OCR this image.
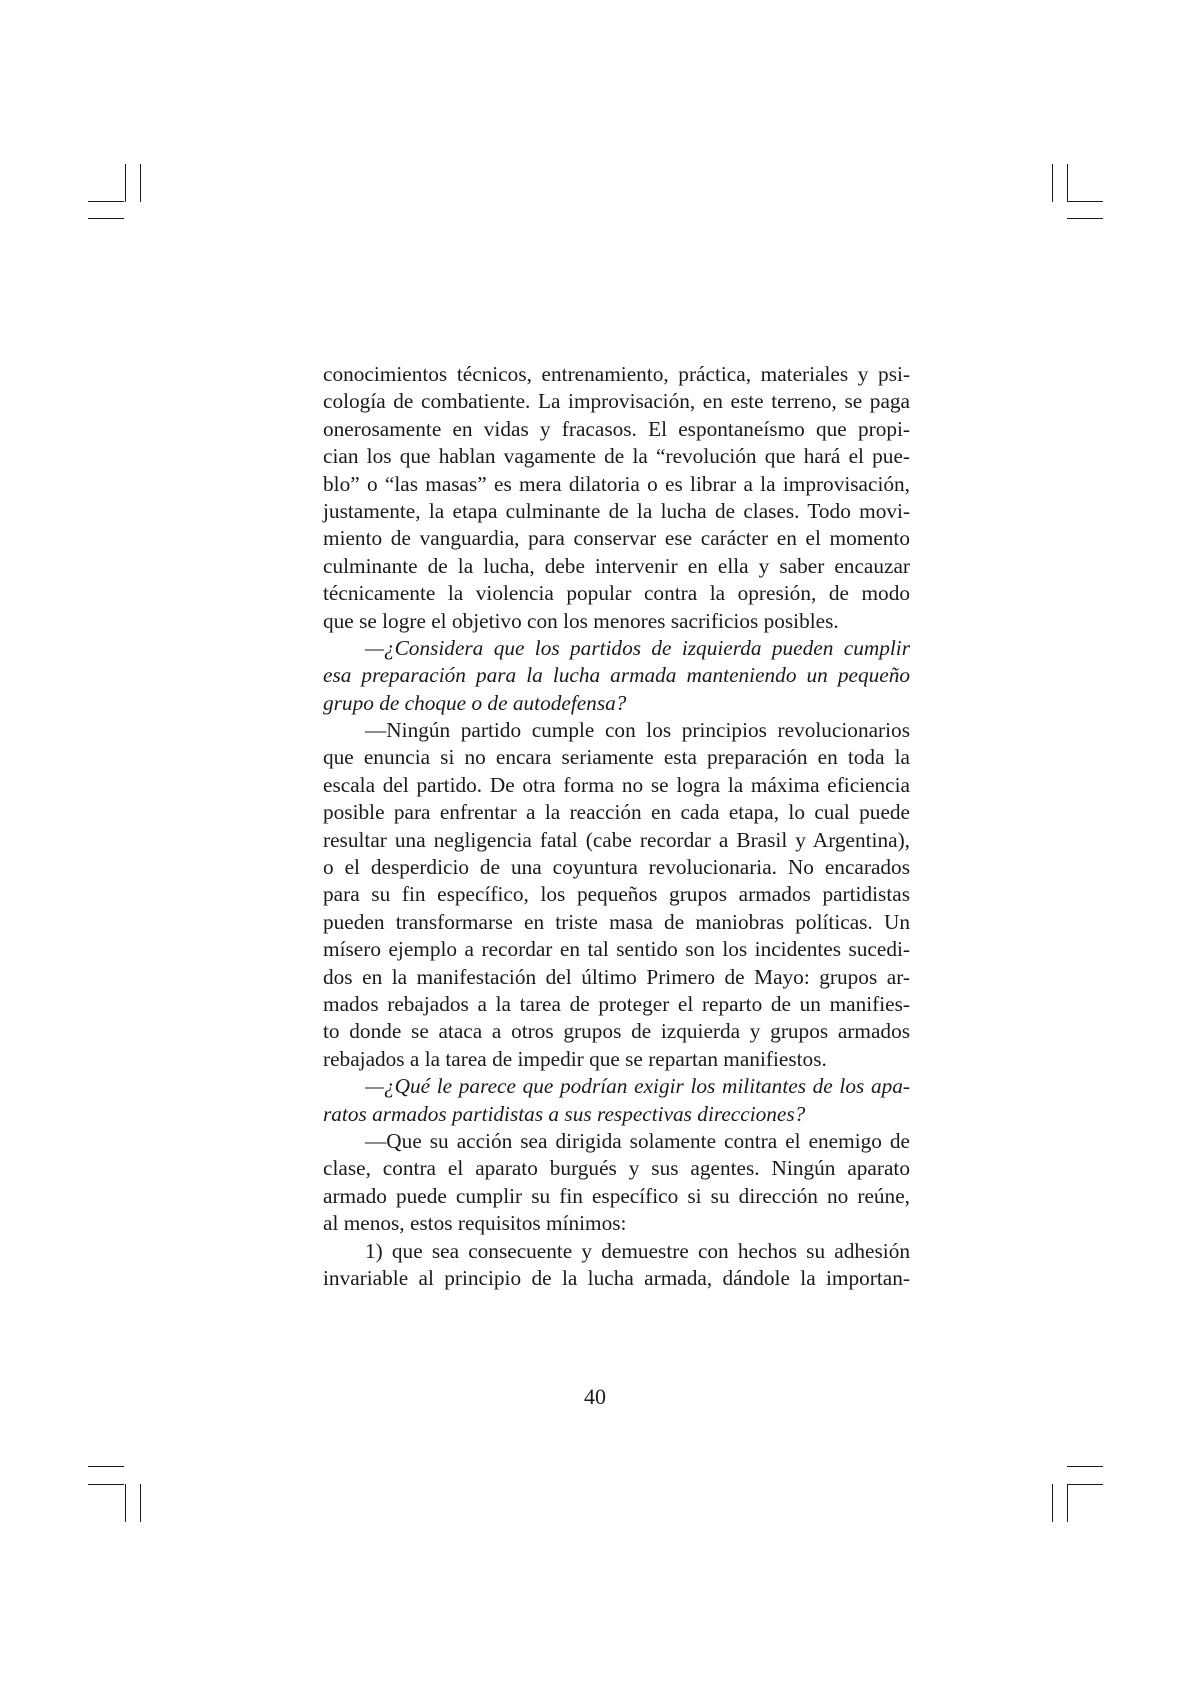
conocimientos técnicos, entrenamiento, práctica, materiales y psi-
cología de combatiente. La improvisación, en este terreno, se paga
onerosamente en vidas y fracasos. El espontaneísmo que propi-
cian los que hablan vagamente de la “revolución que hará el pue-
blo” o “las masas” es mera dilatoria o es librar a la improvisación,
justamente, la etapa culminante de la lucha de clases. Todo movi-
miento de vanguardia, para conservar ese carácter en el momento
culminante de la lucha, debe intervenir en ella y saber encauzar
técnicamente la violencia popular contra la opresión, de modo
que se logre el objetivo con los menores sacrificios posibles.
—¿Considera que los partidos de izquierda pueden cumplir
esa preparación para la lucha armada manteniendo un pequeño
grupo de choque o de autodefensa?
—Ningún partido cumple con los principios revolucionarios
que enuncia si no encara seriamente esta preparación en toda la
escala del partido. De otra forma no se logra la máxima eficiencia
posible para enfrentar a la reacción en cada etapa, lo cual puede
resultar una negligencia fatal (cabe recordar a Brasil y Argentina),
o el desperdicio de una coyuntura revolucionaria. No encarados
para su fin específico, los pequeños grupos armados partidistas
pueden transformarse en triste masa de maniobras políticas. Un
mísero ejemplo a recordar en tal sentido son los incidentes sucedi-
dos en la manifestación del último Primero de Mayo: grupos ar-
mados rebajados a la tarea de proteger el reparto de un manifies-
to donde se ataca a otros grupos de izquierda y grupos armados
rebajados a la tarea de impedir que se repartan manifiestos.
—¿Qué le parece que podrían exigir los militantes de los apa-
ratos armados partidistas a sus respectivas direcciones?
—Que su acción sea dirigida solamente contra el enemigo de
clase, contra el aparato burgués y sus agentes. Ningún aparato
armado puede cumplir su fin específico si su dirección no reúne,
al menos, estos requisitos mínimos:
1) que sea consecuente y demuestre con hechos su adhesión
invariable al principio de la lucha armada, dándole la importan-
40
